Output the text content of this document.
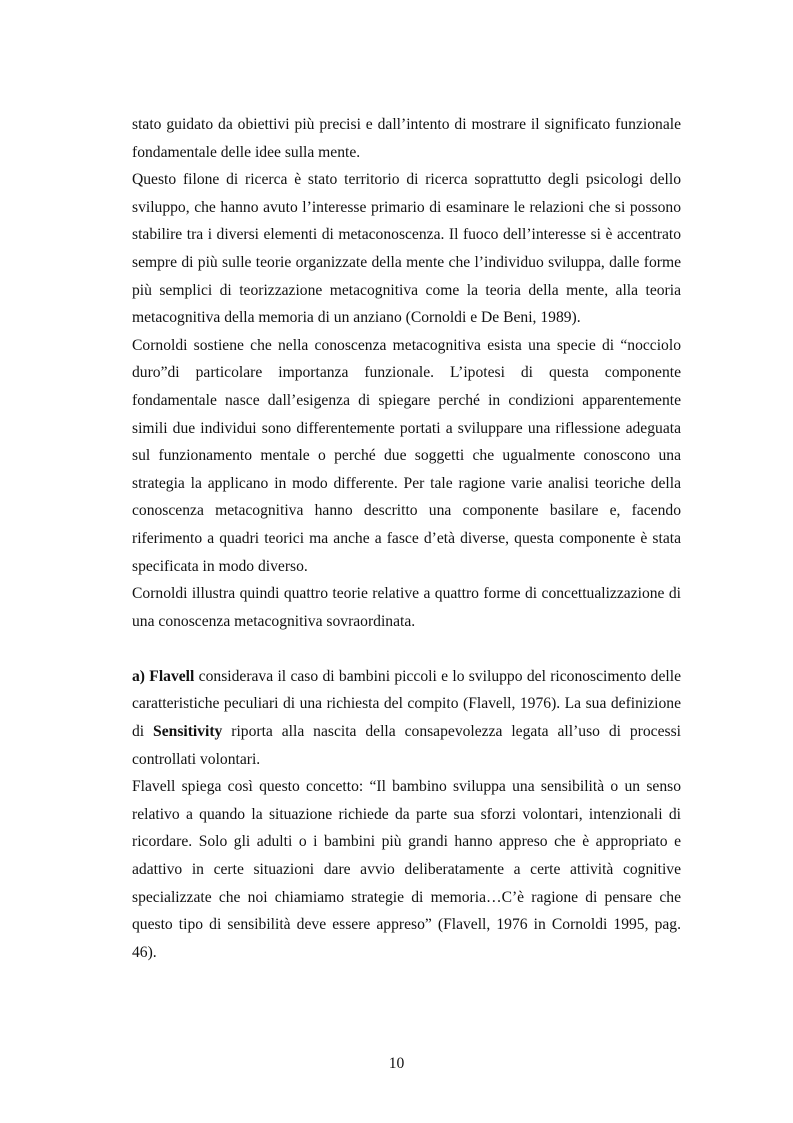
stato guidato da obiettivi più precisi e dall’intento di mostrare il significato funzionale fondamentale delle idee sulla mente.

Questo filone di ricerca è stato territorio di ricerca soprattutto degli psicologi dello sviluppo, che hanno avuto l’interesse primario di esaminare le relazioni che si possono stabilire tra i diversi elementi di metaconoscenza. Il fuoco dell’interesse si è accentrato sempre di più sulle teorie organizzate della mente che l’individuo sviluppa, dalle forme più semplici di teorizzazione metacognitiva come la teoria della mente, alla teoria metacognitiva della memoria di un anziano (Cornoldi e De Beni, 1989).

Cornoldi sostiene che nella conoscenza metacognitiva esista una specie di “nocciolo duro”di particolare importanza funzionale. L’ipotesi di questa componente fondamentale nasce dall’esigenza di spiegare perché in condizioni apparentemente simili due individui sono differentemente portati a sviluppare una riflessione adeguata sul funzionamento mentale o perché due soggetti che ugualmente conoscono una strategia la applicano in modo differente. Per tale ragione varie analisi teoriche della conoscenza metacognitiva hanno descritto una componente basilare e, facendo riferimento a quadri teorici ma anche a fasce d’età diverse, questa componente è stata specificata in modo diverso.

Cornoldi illustra quindi quattro teorie relative a quattro forme di concettualizzazione di una conoscenza metacognitiva sovraordinata.

a) Flavell considerava il caso di bambini piccoli e lo sviluppo del riconoscimento delle caratteristiche peculiari di una richiesta del compito (Flavell, 1976). La sua definizione di Sensitivity riporta alla nascita della consapevolezza legata all’uso di processi controllati volontari.

Flavell spiega così questo concetto: “Il bambino sviluppa una sensibilità o un senso relativo a quando la situazione richiede da parte sua sforzi volontari, intenzionali di ricordare. Solo gli adulti o i bambini più grandi hanno appreso che è appropriato e adattivo in certe situazioni dare avvio deliberatamente a certe attività cognitive specializzate che noi chiamiamo strategie di memoria…C’è ragione di pensare che questo tipo di sensibilità deve essere appreso” (Flavell, 1976 in Cornoldi 1995, pag. 46).

10
